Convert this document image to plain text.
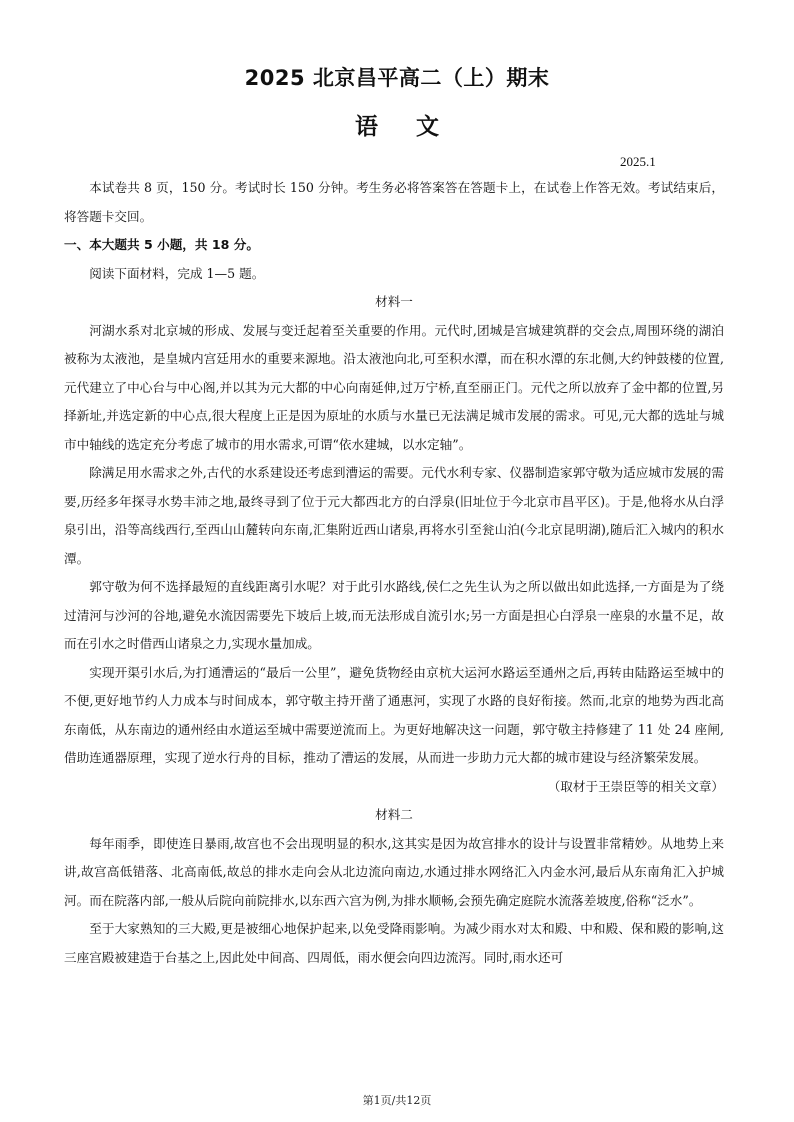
2025 北京昌平高二（上）期末
语文
2025.1

本试卷共 8 页，150 分。考试时长 150 分钟。考生务必将答案答在答题卡上，在试卷上作答无效。考试结束后，将答题卡交回。

一、本大题共 5 小题，共 18 分。

阅读下面材料，完成 1—5 题。

材料一

河湖水系对北京城的形成、发展与变迁起着至关重要的作用。元代时,团城是宫城建筑群的交会点,周围环绕的湖泊被称为太液池，是皇城内宫廷用水的重要来源地。沿太液池向北,可至积水潭，而在积水潭的东北侧,大约钟鼓楼的位置,元代建立了中心台与中心阁,并以其为元大都的中心向南延伸,过万宁桥,直至丽正门。元代之所以放弃了金中都的位置,另择新址,并选定新的中心点,很大程度上正是因为原址的水质与水量已无法满足城市发展的需求。可见,元大都的选址与城市中轴线的选定充分考虑了城市的用水需求,可谓“依水建城，以水定轴”。

除满足用水需求之外,古代的水系建设还考虑到漕运的需要。元代水利专家、仪器制造家郭守敬为适应城市发展的需要,历经多年探寻水势丰沛之地,最终寻到了位于元大都西北方的白浮泉(旧址位于今北京市昌平区)。于是,他将水从白浮泉引出，沿等高线西行,至西山山麓转向东南,汇集附近西山诸泉,再将水引至瓮山泊(今北京昆明湖),随后汇入城内的积水潭。

郭守敬为何不选择最短的直线距离引水呢？对于此引水路线,侯仁之先生认为之所以做出如此选择,一方面是为了绕过清河与沙河的谷地,避免水流因需要先下坡后上坡,而无法形成自流引水;另一方面是担心白浮泉一座泉的水量不足，故而在引水之时借西山诸泉之力,实现水量加成。

实现开渠引水后,为打通漕运的“最后一公里”，避免货物经由京杭大运河水路运至通州之后,再转由陆路运至城中的不便,更好地节约人力成本与时间成本，郭守敬主持开凿了通惠河，实现了水路的良好衔接。然而,北京的地势为西北高东南低，从东南边的通州经由水道运至城中需要逆流而上。为更好地解决这一问题，郭守敬主持修建了 11 处 24 座闸,借助连通器原理，实现了逆水行舟的目标，推动了漕运的发展，从而进一步助力元大都的城市建设与经济繁荣发展。

（取材于王崇臣等的相关文章）

材料二

每年雨季，即使连日暴雨,故宫也不会出现明显的积水,这其实是因为故宫排水的设计与设置非常精妙。从地势上来讲,故宫高低错落、北高南低,故总的排水走向会从北边流向南边,水通过排水网络汇入内金水河,最后从东南角汇入护城河。而在院落内部,一般从后院向前院排水,以东西六宫为例,为排水顺畅,会预先确定庭院水流落差坡度,俗称“泛水”。

至于大家熟知的三大殿,更是被细心地保护起来,以免受降雨影响。为减少雨水对太和殿、中和殿、保和殿的影响,这三座宫殿被建造于台基之上,因此处中间高、四周低，雨水便会向四边流泻。同时,雨水还可

第1页/共12页
